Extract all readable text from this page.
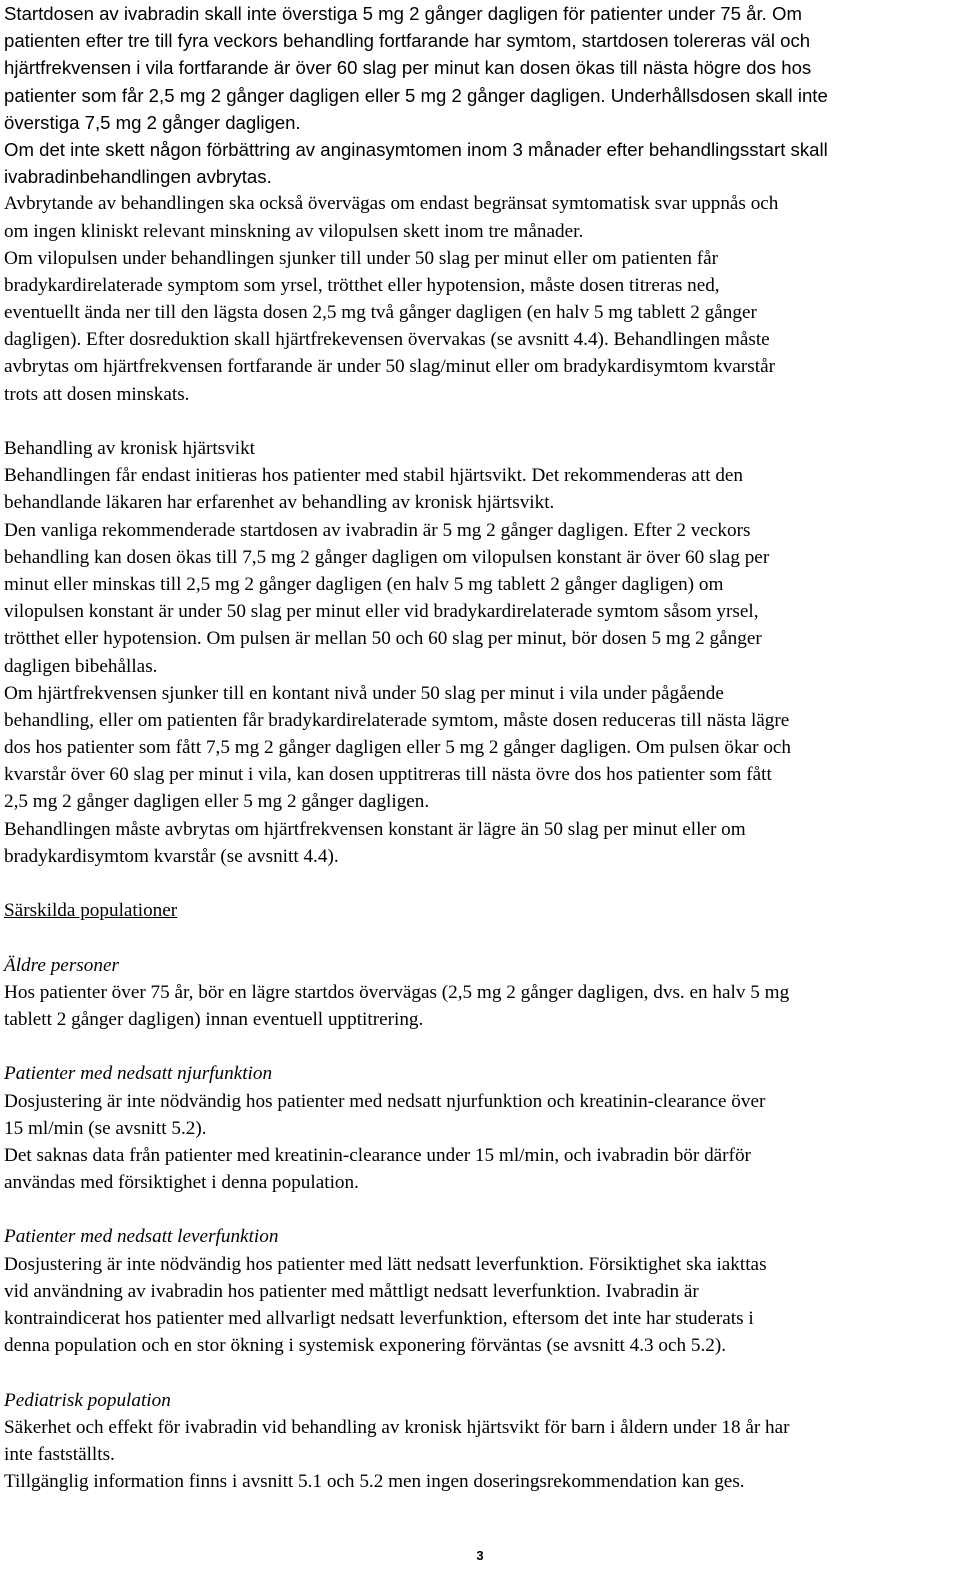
Startdosen av ivabradin skall inte överstiga 5 mg 2 gånger dagligen för patienter under 75 år. Om
patienten efter tre till fyra veckors behandling fortfarande har symtom, startdosen tolereras väl och
hjärtfrekvensen i vila fortfarande är över 60 slag per minut kan dosen ökas till nästa högre dos hos
patienter som får 2,5 mg 2 gånger dagligen eller 5 mg 2 gånger dagligen. Underhållsdosen skall inte
överstiga 7,5 mg 2 gånger dagligen.
Om det inte skett någon förbättring av anginasymtomen inom 3 månader efter behandlingsstart skall
ivabradinbehandlingen avbrytas.
Avbrytande av behandlingen ska också övervägas om endast begränsat symtomatisk svar uppnås och
om ingen kliniskt relevant minskning av vilopulsen skett inom tre månader.
Om vilopulsen under behandlingen sjunker till under 50 slag per minut eller om patienten får
bradykardirelaterade symptom som yrsel, trötthet eller hypotension, måste dosen titreras ned,
eventuellt ända ner till den lägsta dosen 2,5 mg två gånger dagligen (en halv 5 mg tablett 2 gånger
dagligen). Efter dosreduktion skall hjärtfrekevensen övervakas (se avsnitt 4.4). Behandlingen måste
avbrytas om hjärtfrekvensen fortfarande är under 50 slag/minut eller om bradykardisymtom kvarstår
trots att dosen minskats.
Behandling av kronisk hjärtsvikt
Behandlingen får endast initieras hos patienter med stabil hjärtsvikt. Det rekommenderas att den
behandlande läkaren har erfarenhet av behandling av kronisk hjärtsvikt.
Den vanliga rekommenderade startdosen av ivabradin är 5 mg 2 gånger dagligen. Efter 2 veckors
behandling kan dosen ökas till 7,5 mg 2 gånger dagligen om vilopulsen konstant är över 60 slag per
minut eller minskas till 2,5 mg 2 gånger dagligen (en halv 5 mg tablett 2 gånger dagligen) om
vilopulsen konstant är under 50 slag per minut eller vid bradykardirelaterade symtom såsom yrsel,
trötthet eller hypotension. Om pulsen är mellan 50 och 60 slag per minut, bör dosen 5 mg 2 gånger
dagligen bibehållas.
Om hjärtfrekvensen sjunker till en kontant nivå under 50 slag per minut i vila under pågående
behandling, eller om patienten får bradykardirelaterade symtom, måste dosen reduceras till nästa lägre
dos hos patienter som fått 7,5 mg 2 gånger dagligen eller 5 mg 2 gånger dagligen. Om pulsen ökar och
kvarstår över 60 slag per minut i vila, kan dosen upptitreras till nästa övre dos hos patienter som fått
2,5 mg 2 gånger dagligen eller 5 mg 2 gånger dagligen.
Behandlingen måste avbrytas om hjärtfrekvensen konstant är lägre än 50 slag per minut eller om
bradykardisymtom kvarstår (se avsnitt 4.4).
Särskilda populationer
Äldre personer
Hos patienter över 75 år, bör en lägre startdos övervägas (2,5 mg 2 gånger dagligen, dvs. en halv 5 mg
tablett 2 gånger dagligen) innan eventuell upptitrering.
Patienter med nedsatt njurfunktion
Dosjustering är inte nödvändig hos patienter med nedsatt njurfunktion och kreatinin-clearance över
15 ml/min (se avsnitt 5.2).
Det saknas data från patienter med kreatinin-clearance under 15 ml/min, och ivabradin bör därför
användas med försiktighet i denna population.
Patienter med nedsatt leverfunktion
Dosjustering är inte nödvändig hos patienter med lätt nedsatt leverfunktion. Försiktighet ska iakttas
vid användning av ivabradin hos patienter med måttligt nedsatt leverfunktion. Ivabradin är
kontraindicerat hos patienter med allvarligt nedsatt leverfunktion, eftersom det inte har studerats i
denna population och en stor ökning i systemisk exponering förväntas (se avsnitt 4.3 och 5.2).
Pediatrisk population
Säkerhet och effekt för ivabradin vid behandling av kronisk hjärtsvikt för barn i åldern under 18 år har
inte fastställts.
Tillgänglig information finns i avsnitt 5.1 och 5.2 men ingen doseringsrekommendation kan ges.
3
